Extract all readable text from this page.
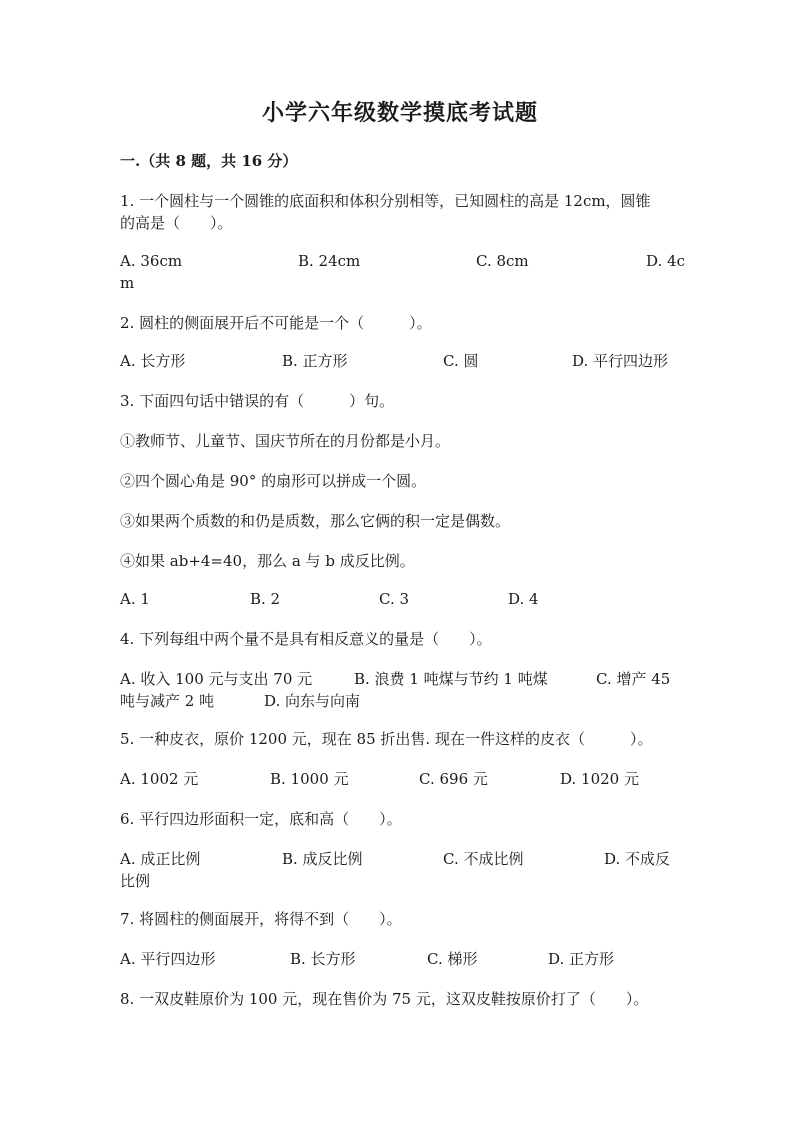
小学六年级数学摸底考试题
一.（共 8 题，共 16 分）
1. 一个圆柱与一个圆锥的底面积和体积分别相等，已知圆柱的高是 12cm，圆锥
的高是（　　）。
A. 36cm	B. 24cm	C. 8cm	D. 4c
m
2. 圆柱的侧面展开后不可能是一个（　　　）。
A. 长方形	B. 正方形	C. 圆	D. 平行四边形
3. 下面四句话中错误的有（　　　）句。
①教师节、儿童节、国庆节所在的月份都是小月。
②四个圆心角是 90° 的扇形可以拼成一个圆。
③如果两个质数的和仍是质数，那么它俩的积一定是偶数。
④如果 ab+4=40，那么 a 与 b 成反比例。
A. 1	B. 2	C. 3	D. 4
4. 下列每组中两个量不是具有相反意义的量是（　　）。
A. 收入 100 元与支出 70 元	B. 浪费 1 吨煤与节约 1 吨煤	C. 增产 45
吨与减产 2 吨	D. 向东与向南
5. 一种皮衣，原价 1200 元，现在 85 折出售. 现在一件这样的皮衣（　　　）。
A. 1002 元	B. 1000 元	C. 696 元	D. 1020 元
6. 平行四边形面积一定，底和高（　　）。
A. 成正比例	B. 成反比例	C. 不成比例	D. 不成反
比例
7. 将圆柱的侧面展开，将得不到（　　）。
A. 平行四边形	B. 长方形	C. 梯形	D. 正方形
8. 一双皮鞋原价为 100 元，现在售价为 75 元，这双皮鞋按原价打了（　　）。
